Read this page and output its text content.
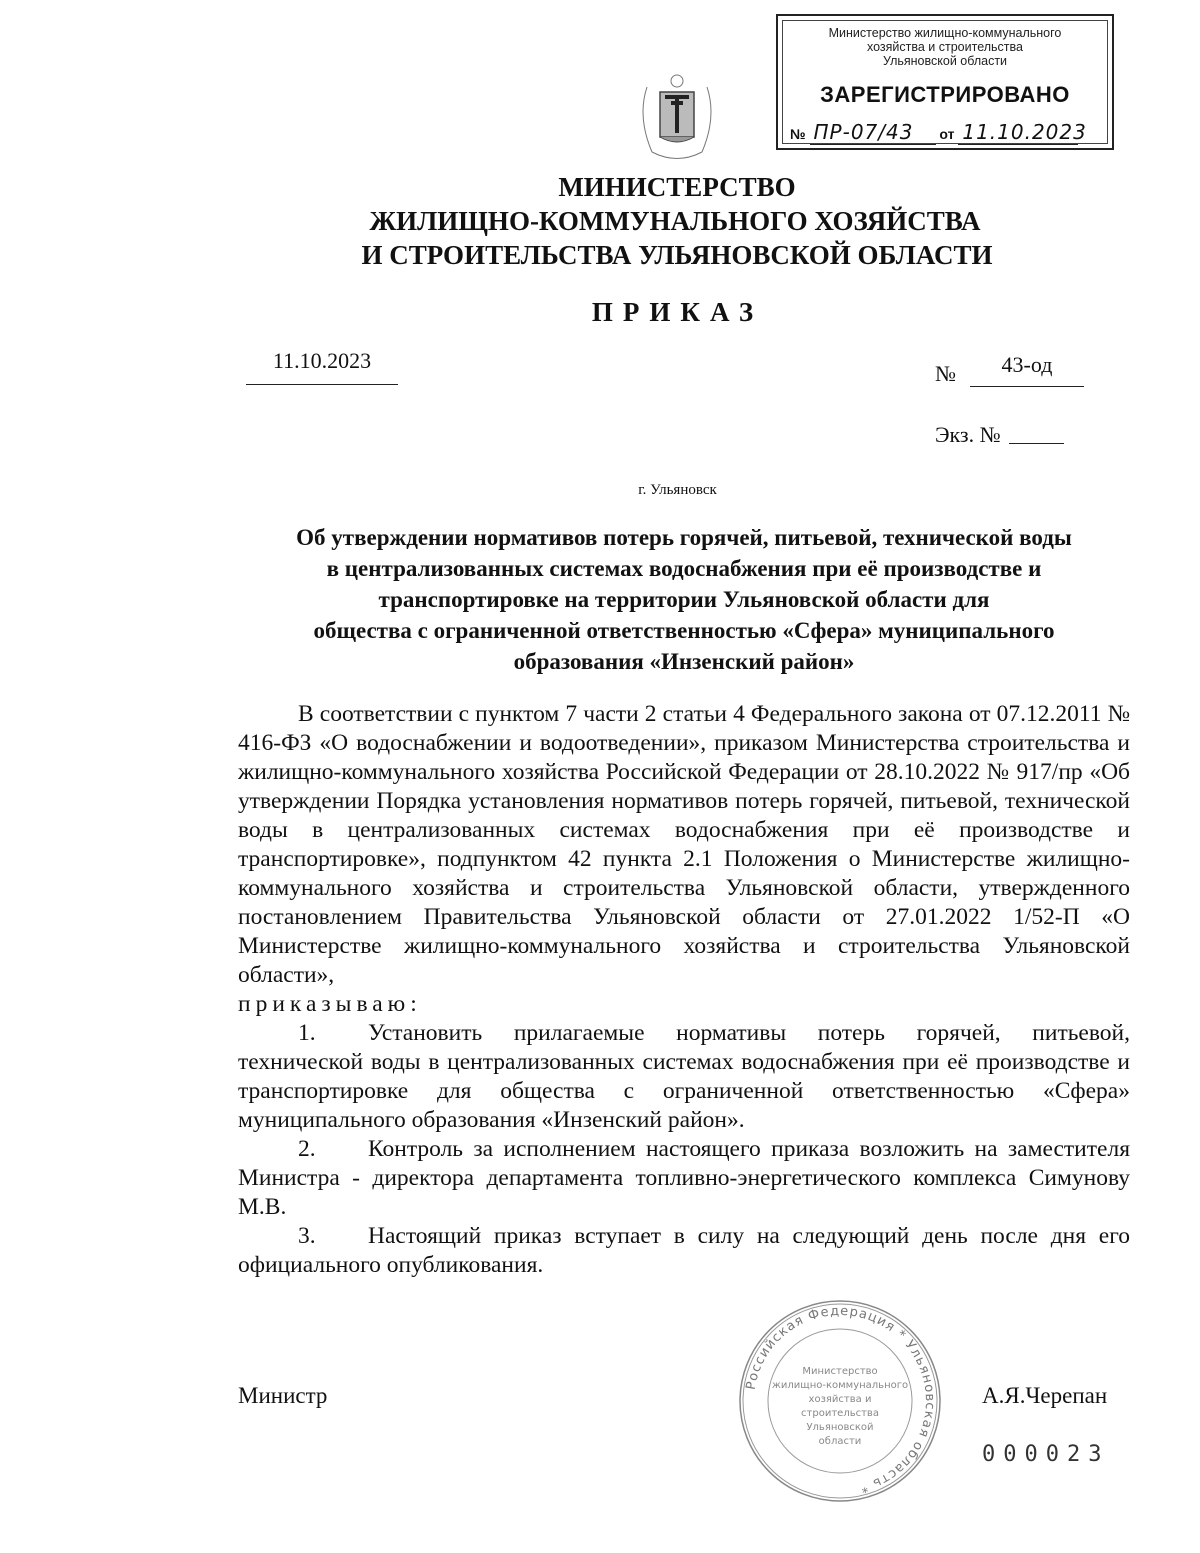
Министерство жилищно-коммунального
хозяйства и строительства
Ульяновской области
ЗАРЕГИСТРИРОВАНО
№ ПР-07/43 от 11.10.2023
МИНИСТЕРСТВО
ЖИЛИЩНО-КОММУНАЛЬНОГО ХОЗЯЙСТВА
И СТРОИТЕЛЬСТВА УЛЬЯНОВСКОЙ ОБЛАСТИ
ПРИКАЗ
11.10.2023
№	43-од
Экз. №
г. Ульяновск
Об утверждении нормативов потерь горячей, питьевой, технической воды
в централизованных системах водоснабжения при её производстве и
транспортировке на территории Ульяновской области для
общества с ограниченной ответственностью «Сфера» муниципального
образования «Инзенский район»

В соответствии с пунктом 7 части 2 статьи 4 Федерального закона от 07.12.2011 № 416-ФЗ «О водоснабжении и водоотведении», приказом Министерства строительства и жилищно-коммунального хозяйства Российской Федерации от 28.10.2022 № 917/пр «Об утверждении Порядка установления нормативов потерь горячей, питьевой, технической воды в централизованных системах водоснабжения при её производстве и транспортировке», подпунктом 42 пункта 2.1 Положения о Министерстве жилищно-коммунального хозяйства и строительства Ульяновской области, утвержденного постановлением Правительства Ульяновской области от 27.01.2022 1/52-П «О Министерстве жилищно-коммунального хозяйства и строительства Ульяновской области»,

приказываю:

1. Установить прилагаемые нормативы потерь горячей, питьевой, технической воды в централизованных системах водоснабжения при её производстве и транспортировке для общества с ограниченной ответственностью «Сфера» муниципального образования «Инзенский район».

2. Контроль за исполнением настоящего приказа возложить на заместителя Министра - директора департамента топливно-энергетического комплекса Симунову М.В.

3. Настоящий приказ вступает в силу на следующий день после дня его официального опубликования.

Российская Федерация * Ульяновская область *
Министерство
жилищно-коммунального
хозяйства и
строительства
Ульяновской
области
Министр	А.Я.Черепан
000023
